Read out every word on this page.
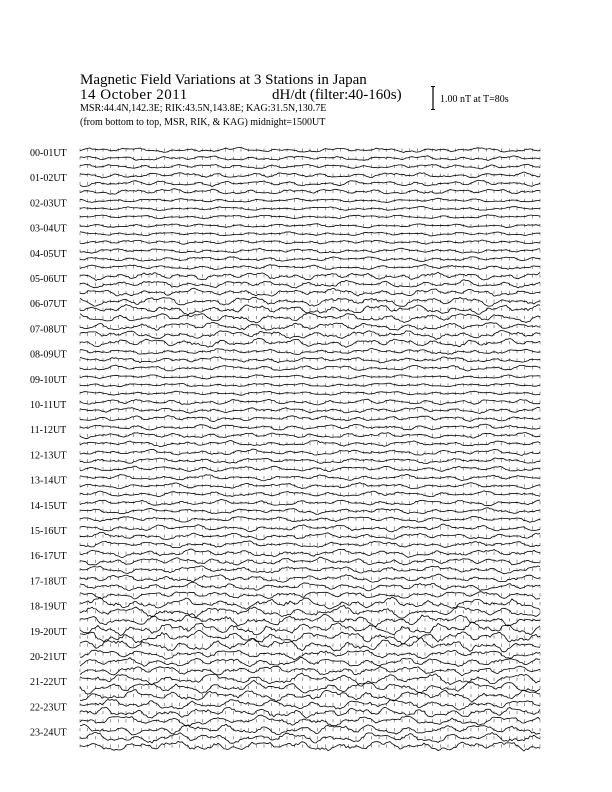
Magnetic Field Variations at 3 Stations in Japan
14 October 2011	dH/dt (filter:40-160s)
MSR:44.4N,142.3E; RIK:43.5N,143.8E; KAG:31.5N,130.7E
(from bottom to top, MSR, RIK, & KAG) midnight=1500UT
1.00 nT at T=80s
00-01UT
01-02UT
02-03UT
03-04UT
04-05UT
05-06UT
06-07UT
07-08UT
08-09UT
09-10UT
10-11UT
11-12UT
12-13UT
13-14UT
14-15UT
15-16UT
16-17UT
17-18UT
18-19UT
19-20UT
20-21UT
21-22UT
22-23UT
23-24UT
